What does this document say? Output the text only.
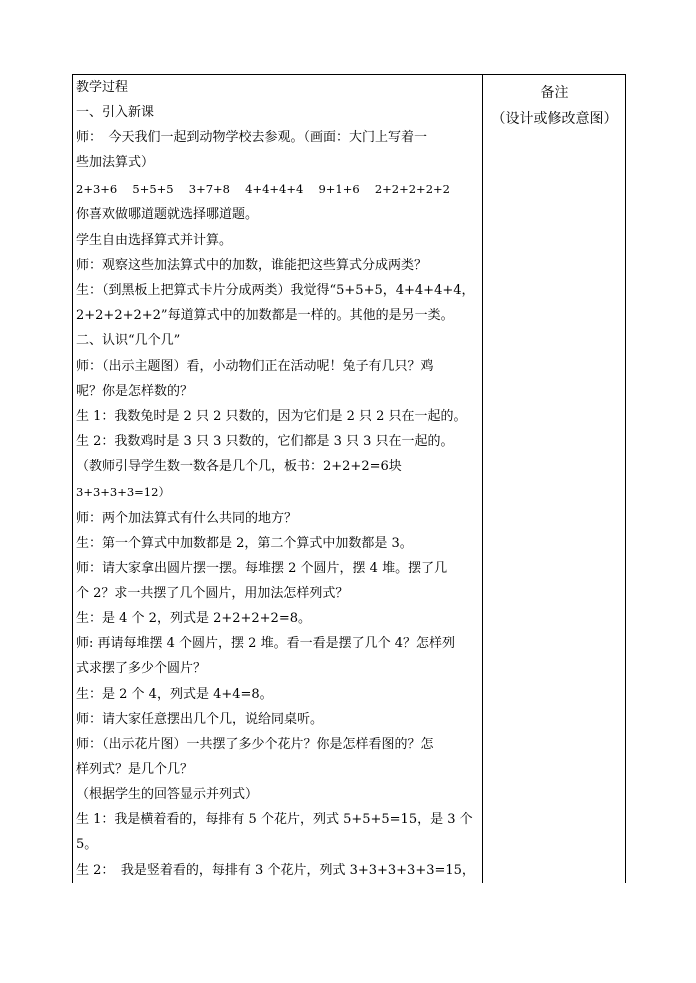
教学过程
一、引入新课
师：　今天我们一起到动物学校去参观。（画面：大门上写着一
些加法算式）
2+3+6　 5+5+5　 3+7+8　 4+4+4+4　 9+1+6　 2+2+2+2+2
你喜欢做哪道题就选择哪道题。
学生自由选择算式并计算。
师：观察这些加法算式中的加数，谁能把这些算式分成两类？
生：（到黑板上把算式卡片分成两类）我觉得“5+5+5，4+4+4+4，
2+2+2+2+2”每道算式中的加数都是一样的。其他的是另一类。
二、认识“几个几”
师：（出示主题图）看，小动物们正在活动呢！兔子有几只？鸡
呢？你是怎样数的？
生 1：我数兔时是 2 只 2 只数的，因为它们是 2 只 2 只在一起的。
生 2：我数鸡时是 3 只 3 只数的，它们都是 3 只 3 只在一起的。
（教师引导学生数一数各是几个几，板书：2+2+2=6块
3+3+3+3=12）
师：两个加法算式有什么共同的地方？
生：第一个算式中加数都是 2，第二个算式中加数都是 3。
师：请大家拿出圆片摆一摆。每堆摆 2 个圆片，摆 4 堆。摆了几
个 2？求一共摆了几个圆片，用加法怎样列式？
生：是 4 个 2，列式是 2+2+2+2=8。
师: 再请每堆摆 4 个圆片，摆 2 堆。看一看是摆了几个 4？怎样列
式求摆了多少个圆片？
生：是 2 个 4，列式是 4+4=8。
师：请大家任意摆出几个几，说给同桌听。
师：（出示花片图）一共摆了多少个花片？你是怎样看图的？怎
样列式？是几个几？
（根据学生的回答显示并列式）
生 1：我是横着看的，每排有 5 个花片，列式 5+5+5=15，是 3 个
5。
生 2：　我是竖着看的，每排有 3 个花片，列式 3+3+3+3+3=15，
备注
（设计或修改意图）
